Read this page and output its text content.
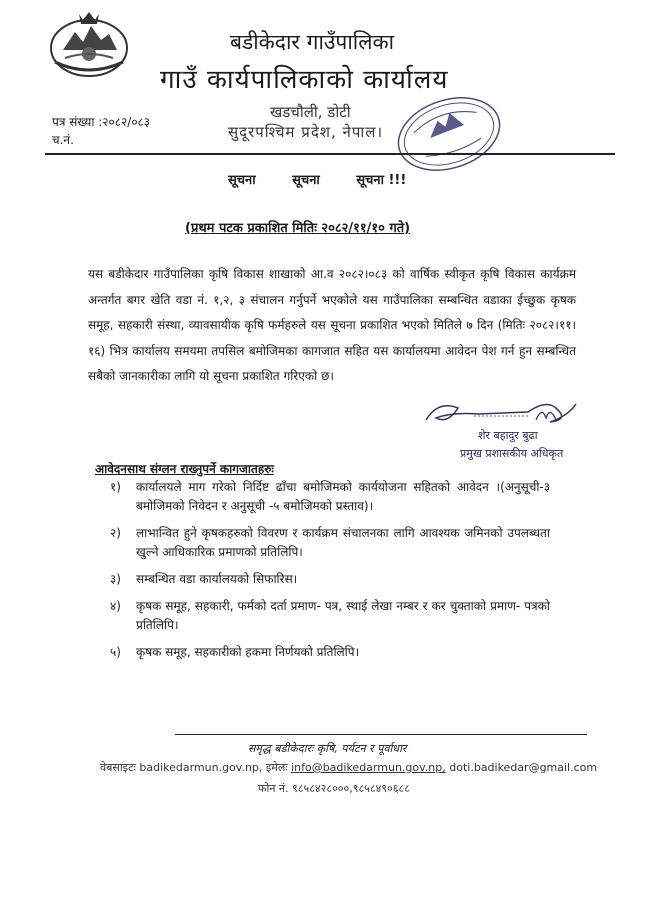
बडीकेदार गाउँपालिका
गाउँ कार्यपालिकाको कार्यालय
खडचौली, डोटी
सुदूरपश्चिम प्रदेश, नेपाल।
पत्र संख्या :२०८२/०८३
च.नं.
सूचना	सूचना	सूचना !!!
(प्रथम पटक प्रकाशित मितिः २०८२/११/१० गते)
यस बडीकेदार गाउँपालिका कृषि विकास शाखाको आ.व २०८२।०८३ को वार्षिक स्वीकृत कृषि विकास कार्यक्रम अन्तर्गत बगर खेति वडा नं. १,२, ३ संचालन गर्नुपर्ने भएकोले यस गाउँपालिका सम्बन्धित वडाका ईच्छुक कृषक समूह, सहकारी संस्था, व्यावसायीक कृषि फर्महरुले यस सूचना प्रकाशित भएको मितिले ७ दिन (मितिः २०८२।११।१६) भित्र कार्यालय समयमा तपसिल बमोजिमका कागजात सहित यस कार्यालयमा आवेदन पेश गर्न हुन सम्बन्धित सबैको जानकारीका लागि यो सूचना प्रकाशित गरिएको छ।
शेर बहादुर बुढा
प्रमुख प्रशासकीय अधिकृत
आवेदनसाथ संग्लन राख्नुपर्ने कागजातहरुः
१) कार्यालयले माग गरेको निर्दिष्ट ढाँचा बमोजिमको कार्ययोजना सहितको आवेदन ।(अनुसूची-३ बमोजिमको निवेदन र अनुसूची -५ बमोजिमको प्रस्ताव)।
२) लाभान्वित हुने कृषकहरुको विवरण र कार्यक्रम संचालनका लागि आवश्यक जमिनको उपलब्धता खुल्ने आधिकारिक प्रमाणको प्रतिलिपि।
३) सम्बन्धित वडा कार्यालयको सिफारिस।
४) कृषक समूह, सहकारी, फर्मको दर्ता प्रमाण- पत्र, स्थाई लेखा नम्बर र कर चुक्ताको प्रमाण- पत्रको प्रतिलिपि।
५) कृषक समूह, सहकारीको हकमा निर्णयको प्रतिलिपि।
समृद्ध बडीकेदारः कृषि, पर्यटन र पूर्वाधार
वेबसाइटः badikedarmun.gov.np, इमेलः info@badikedarmun.gov.np, doti.badikedar@gmail.com
फोन नं. ९८५८४२८०००,९८५८४९०६८८
